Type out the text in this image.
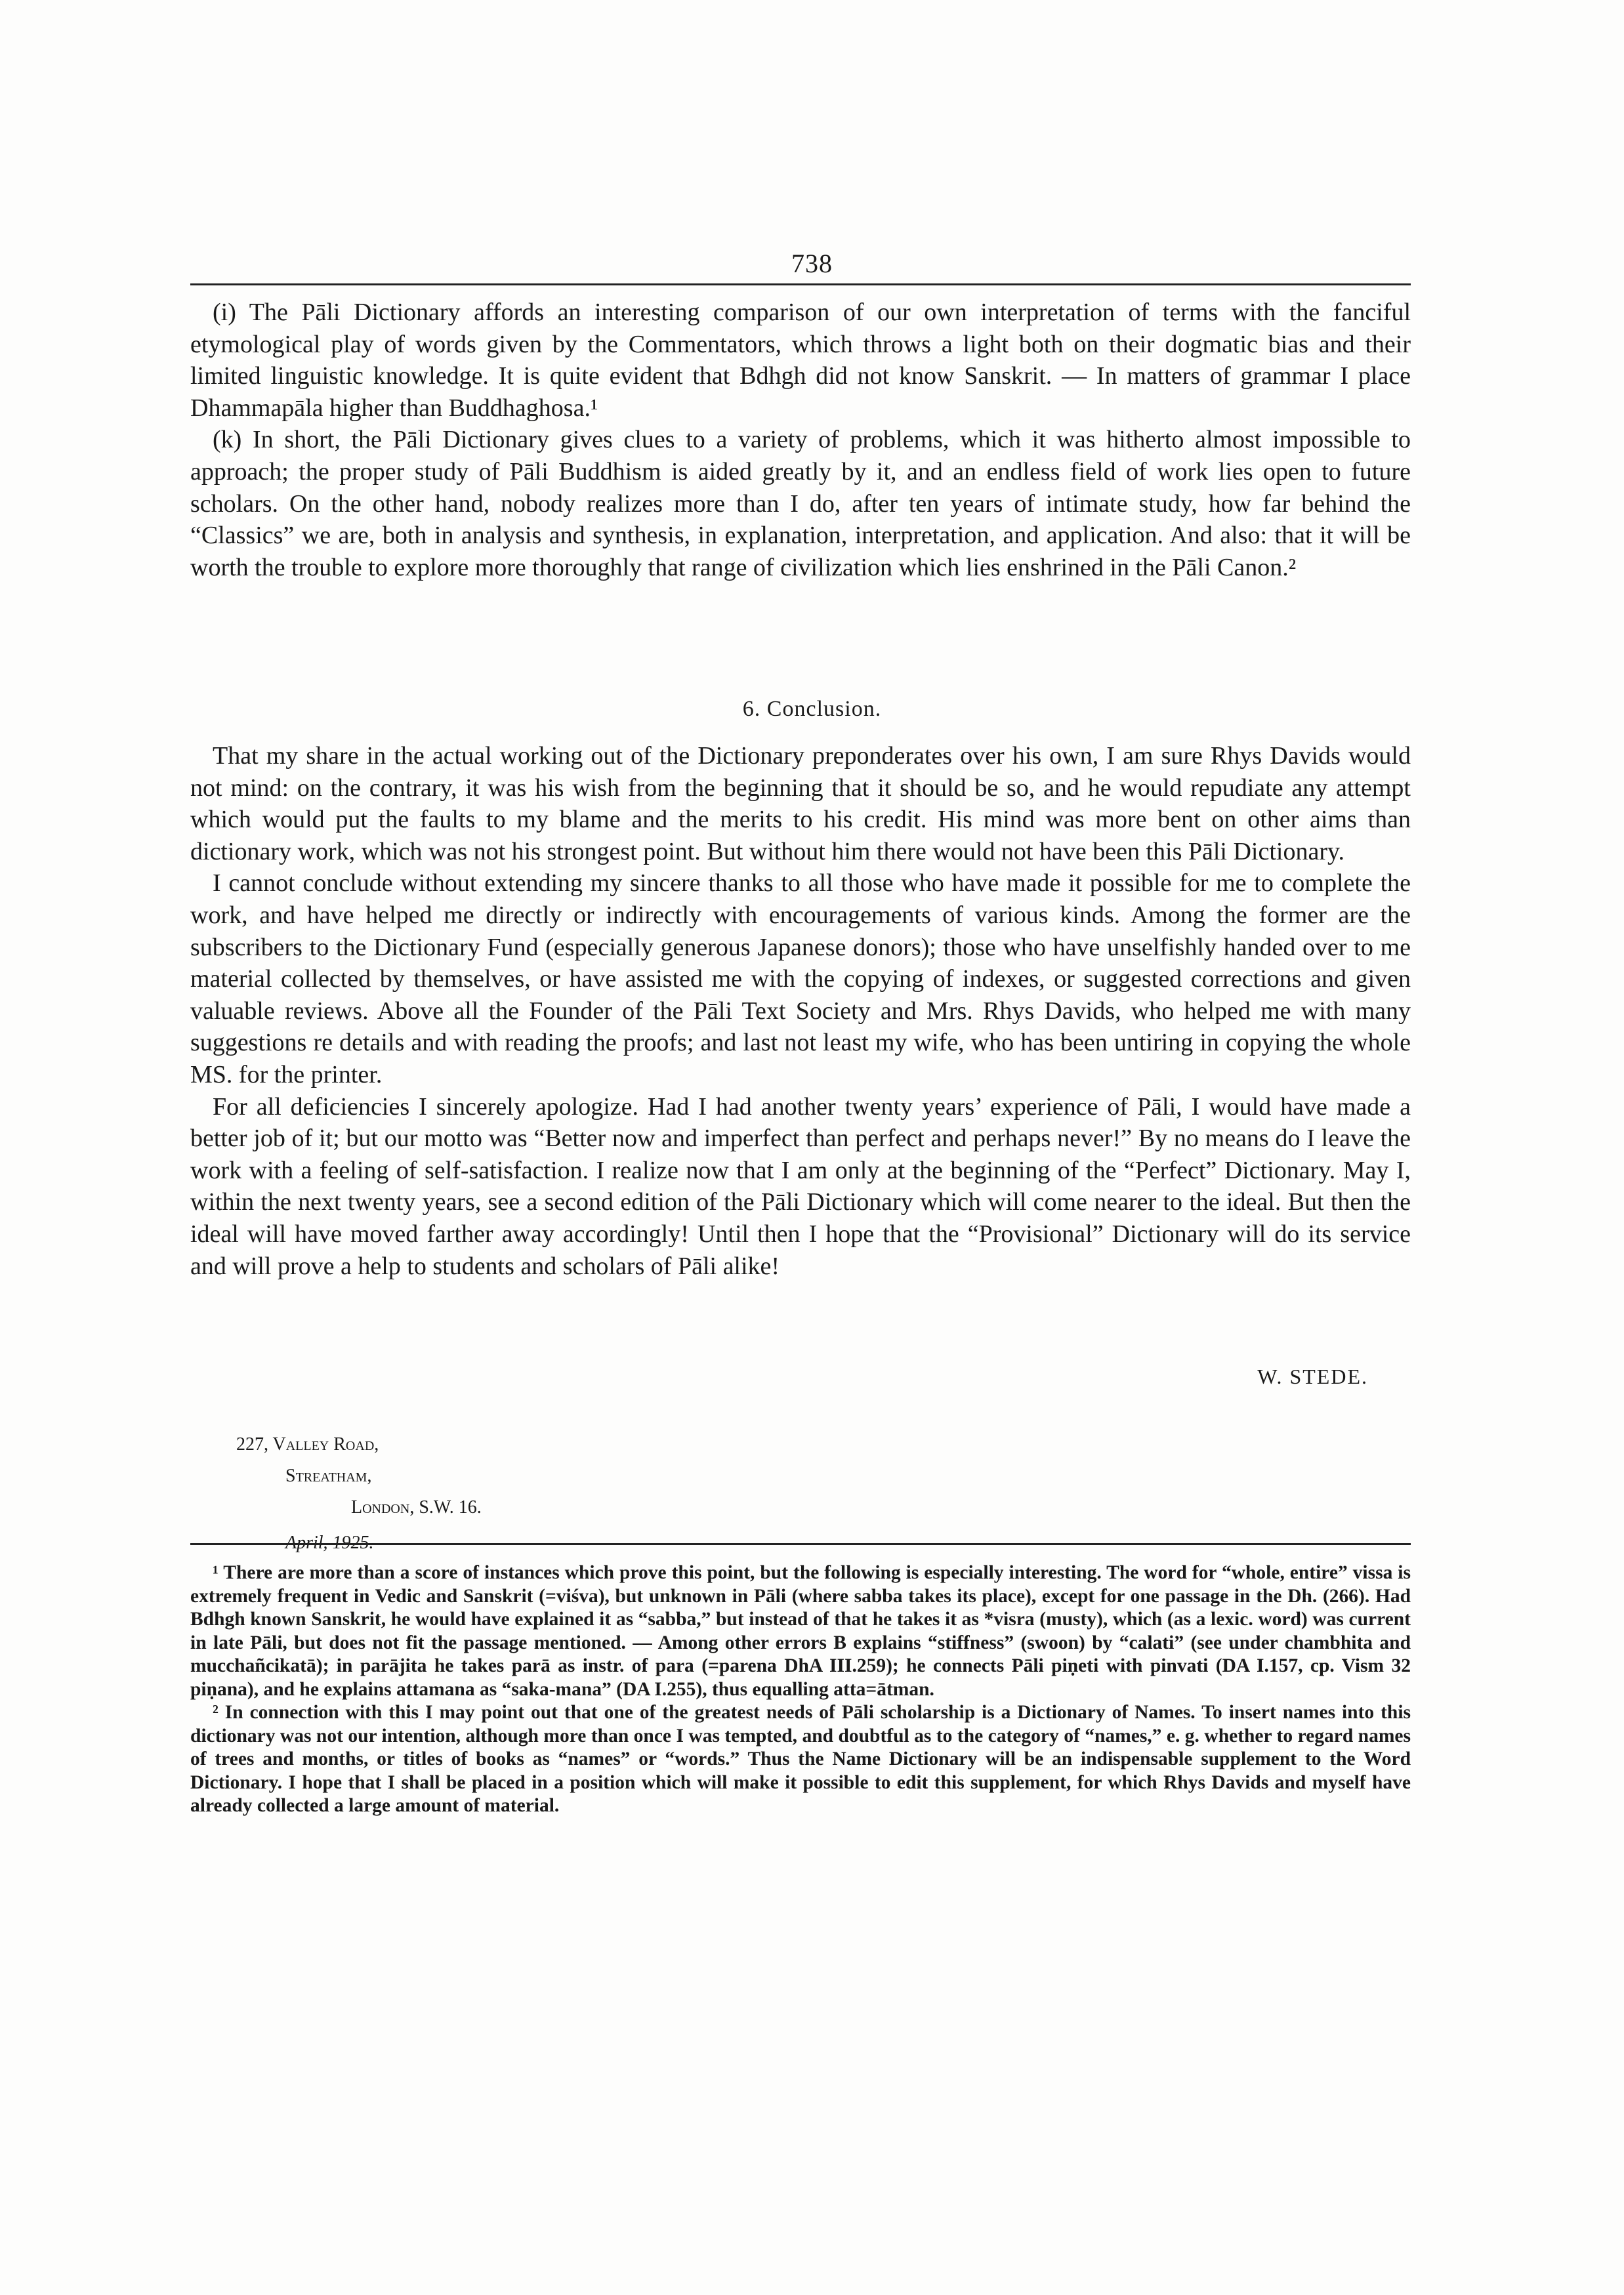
738

(i) The Pāli Dictionary affords an interesting comparison of our own interpretation of terms with the fanciful etymological play of words given by the Commentators, which throws a light both on their dogmatic bias and their limited linguistic knowledge. It is quite evident that Bdhgh did not know Sanskrit. — In matters of grammar I place Dhammapāla higher than Buddhaghosa.¹

(k) In short, the Pāli Dictionary gives clues to a variety of problems, which it was hitherto almost impossible to approach; the proper study of Pāli Buddhism is aided greatly by it, and an endless field of work lies open to future scholars. On the other hand, nobody realizes more than I do, after ten years of intimate study, how far behind the “Classics” we are, both in analysis and synthesis, in explanation, interpretation, and application. And also: that it will be worth the trouble to explore more thoroughly that range of civilization which lies enshrined in the Pāli Canon.²

6. Conclusion.

That my share in the actual working out of the Dictionary preponderates over his own, I am sure Rhys Davids would not mind: on the contrary, it was his wish from the beginning that it should be so, and he would repudiate any attempt which would put the faults to my blame and the merits to his credit. His mind was more bent on other aims than dictionary work, which was not his strongest point. But without him there would not have been this Pāli Dictionary.

I cannot conclude without extending my sincere thanks to all those who have made it possible for me to complete the work, and have helped me directly or indirectly with encouragements of various kinds. Among the former are the subscribers to the Dictionary Fund (especially generous Japanese donors); those who have unselfishly handed over to me material collected by themselves, or have assisted me with the copying of indexes, or suggested corrections and given valuable reviews. Above all the Founder of the Pāli Text Society and Mrs. Rhys Davids, who helped me with many suggestions re details and with reading the proofs; and last not least my wife, who has been untiring in copying the whole MS. for the printer.

For all deficiencies I sincerely apologize. Had I had another twenty years’ experience of Pāli, I would have made a better job of it; but our motto was “Better now and imperfect than perfect and perhaps never!” By no means do I leave the work with a feeling of self-satisfaction. I realize now that I am only at the beginning of the “Perfect” Dictionary. May I, within the next twenty years, see a second edition of the Pāli Dictionary which will come nearer to the ideal. But then the ideal will have moved farther away accordingly! Until then I hope that the “Provisional” Dictionary will do its service and will prove a help to students and scholars of Pāli alike!

W. STEDE.
227, Valley Road,
Streatham,
London, S.W. 16.
April, 1925.

¹ There are more than a score of instances which prove this point, but the following is especially interesting. The word for “whole, entire” vissa is extremely frequent in Vedic and Sanskrit (=viśva), but unknown in Pāli (where sabba takes its place), except for one passage in the Dh. (266). Had Bdhgh known Sanskrit, he would have explained it as “sabba,” but instead of that he takes it as *visra (musty), which (as a lexic. word) was current in late Pāli, but does not fit the passage mentioned. — Among other errors B explains “stiffness” (swoon) by “calati” (see under chambhita and mucchañcikatā); in parājita he takes parā as instr. of para (=parena DhA III.259); he connects Pāli piṇeti with pinvati (DA I.157, cp. Vism 32 piṇana), and he explains attamana as “saka-mana” (DA I.255), thus equalling atta=ātman.

² In connection with this I may point out that one of the greatest needs of Pāli scholarship is a Dictionary of Names. To insert names into this dictionary was not our intention, although more than once I was tempted, and doubtful as to the category of “names,” e. g. whether to regard names of trees and months, or titles of books as “names” or “words.” Thus the Name Dictionary will be an indispensable supplement to the Word Dictionary. I hope that I shall be placed in a position which will make it possible to edit this supplement, for which Rhys Davids and myself have already collected a large amount of material.
